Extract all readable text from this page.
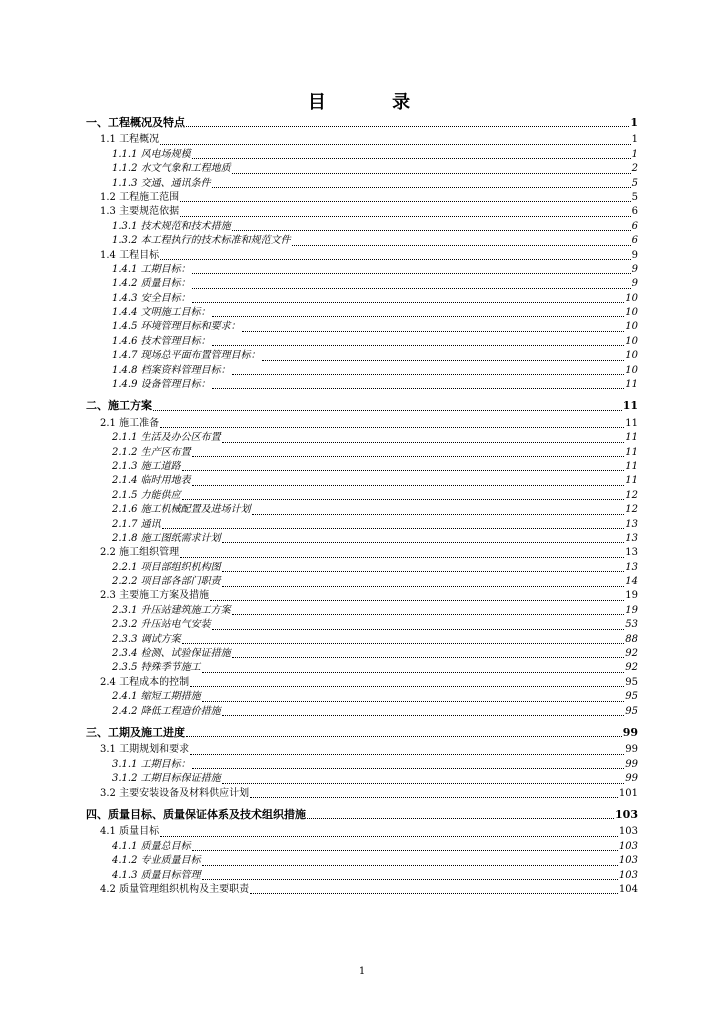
目 录
一、工程概况及特点	1
1.1 工程概况	1
1.1.1 风电场规模	1
1.1.2 水文气象和工程地质	2
1.1.3 交通、通讯条件	5
1.2 工程施工范围	5
1.3 主要规范依据	6
1.3.1 技术规范和技术措施	6
1.3.2 本工程执行的技术标准和规范文件	6
1.4 工程目标	9
1.4.1 工期目标：	9
1.4.2 质量目标：	9
1.4.3 安全目标：	10
1.4.4 文明施工目标：	10
1.4.5 环境管理目标和要求：	10
1.4.6 技术管理目标：	10
1.4.7 现场总平面布置管理目标：	10
1.4.8 档案资料管理目标：	10
1.4.9 设备管理目标：	11
二、施工方案	11
2.1 施工准备	11
2.1.1 生活及办公区布置	11
2.1.2 生产区布置	11
2.1.3 施工道路	11
2.1.4 临时用地表	11
2.1.5 力能供应	12
2.1.6 施工机械配置及进场计划	12
2.1.7 通讯	13
2.1.8 施工图纸需求计划	13
2.2 施工组织管理	13
2.2.1 项目部组织机构图	13
2.2.2 项目部各部门职责	14
2.3 主要施工方案及措施	19
2.3.1 升压站建筑施工方案	19
2.3.2 升压站电气安装	53
2.3.3 调试方案	88
2.3.4 检测、试验保证措施	92
2.3.5 特殊季节施工	92
2.4 工程成本的控制	95
2.4.1 缩短工期措施	95
2.4.2 降低工程造价措施	95
三、工期及施工进度	99
3.1 工期规划和要求	99
3.1.1 工期目标：	99
3.1.2 工期目标保证措施	99
3.2 主要安装设备及材料供应计划	101
四、质量目标、质量保证体系及技术组织措施	103
4.1 质量目标	103
4.1.1 质量总目标	103
4.1.2 专业质量目标	103
4.1.3 质量目标管理	103
4.2 质量管理组织机构及主要职责	104
1
